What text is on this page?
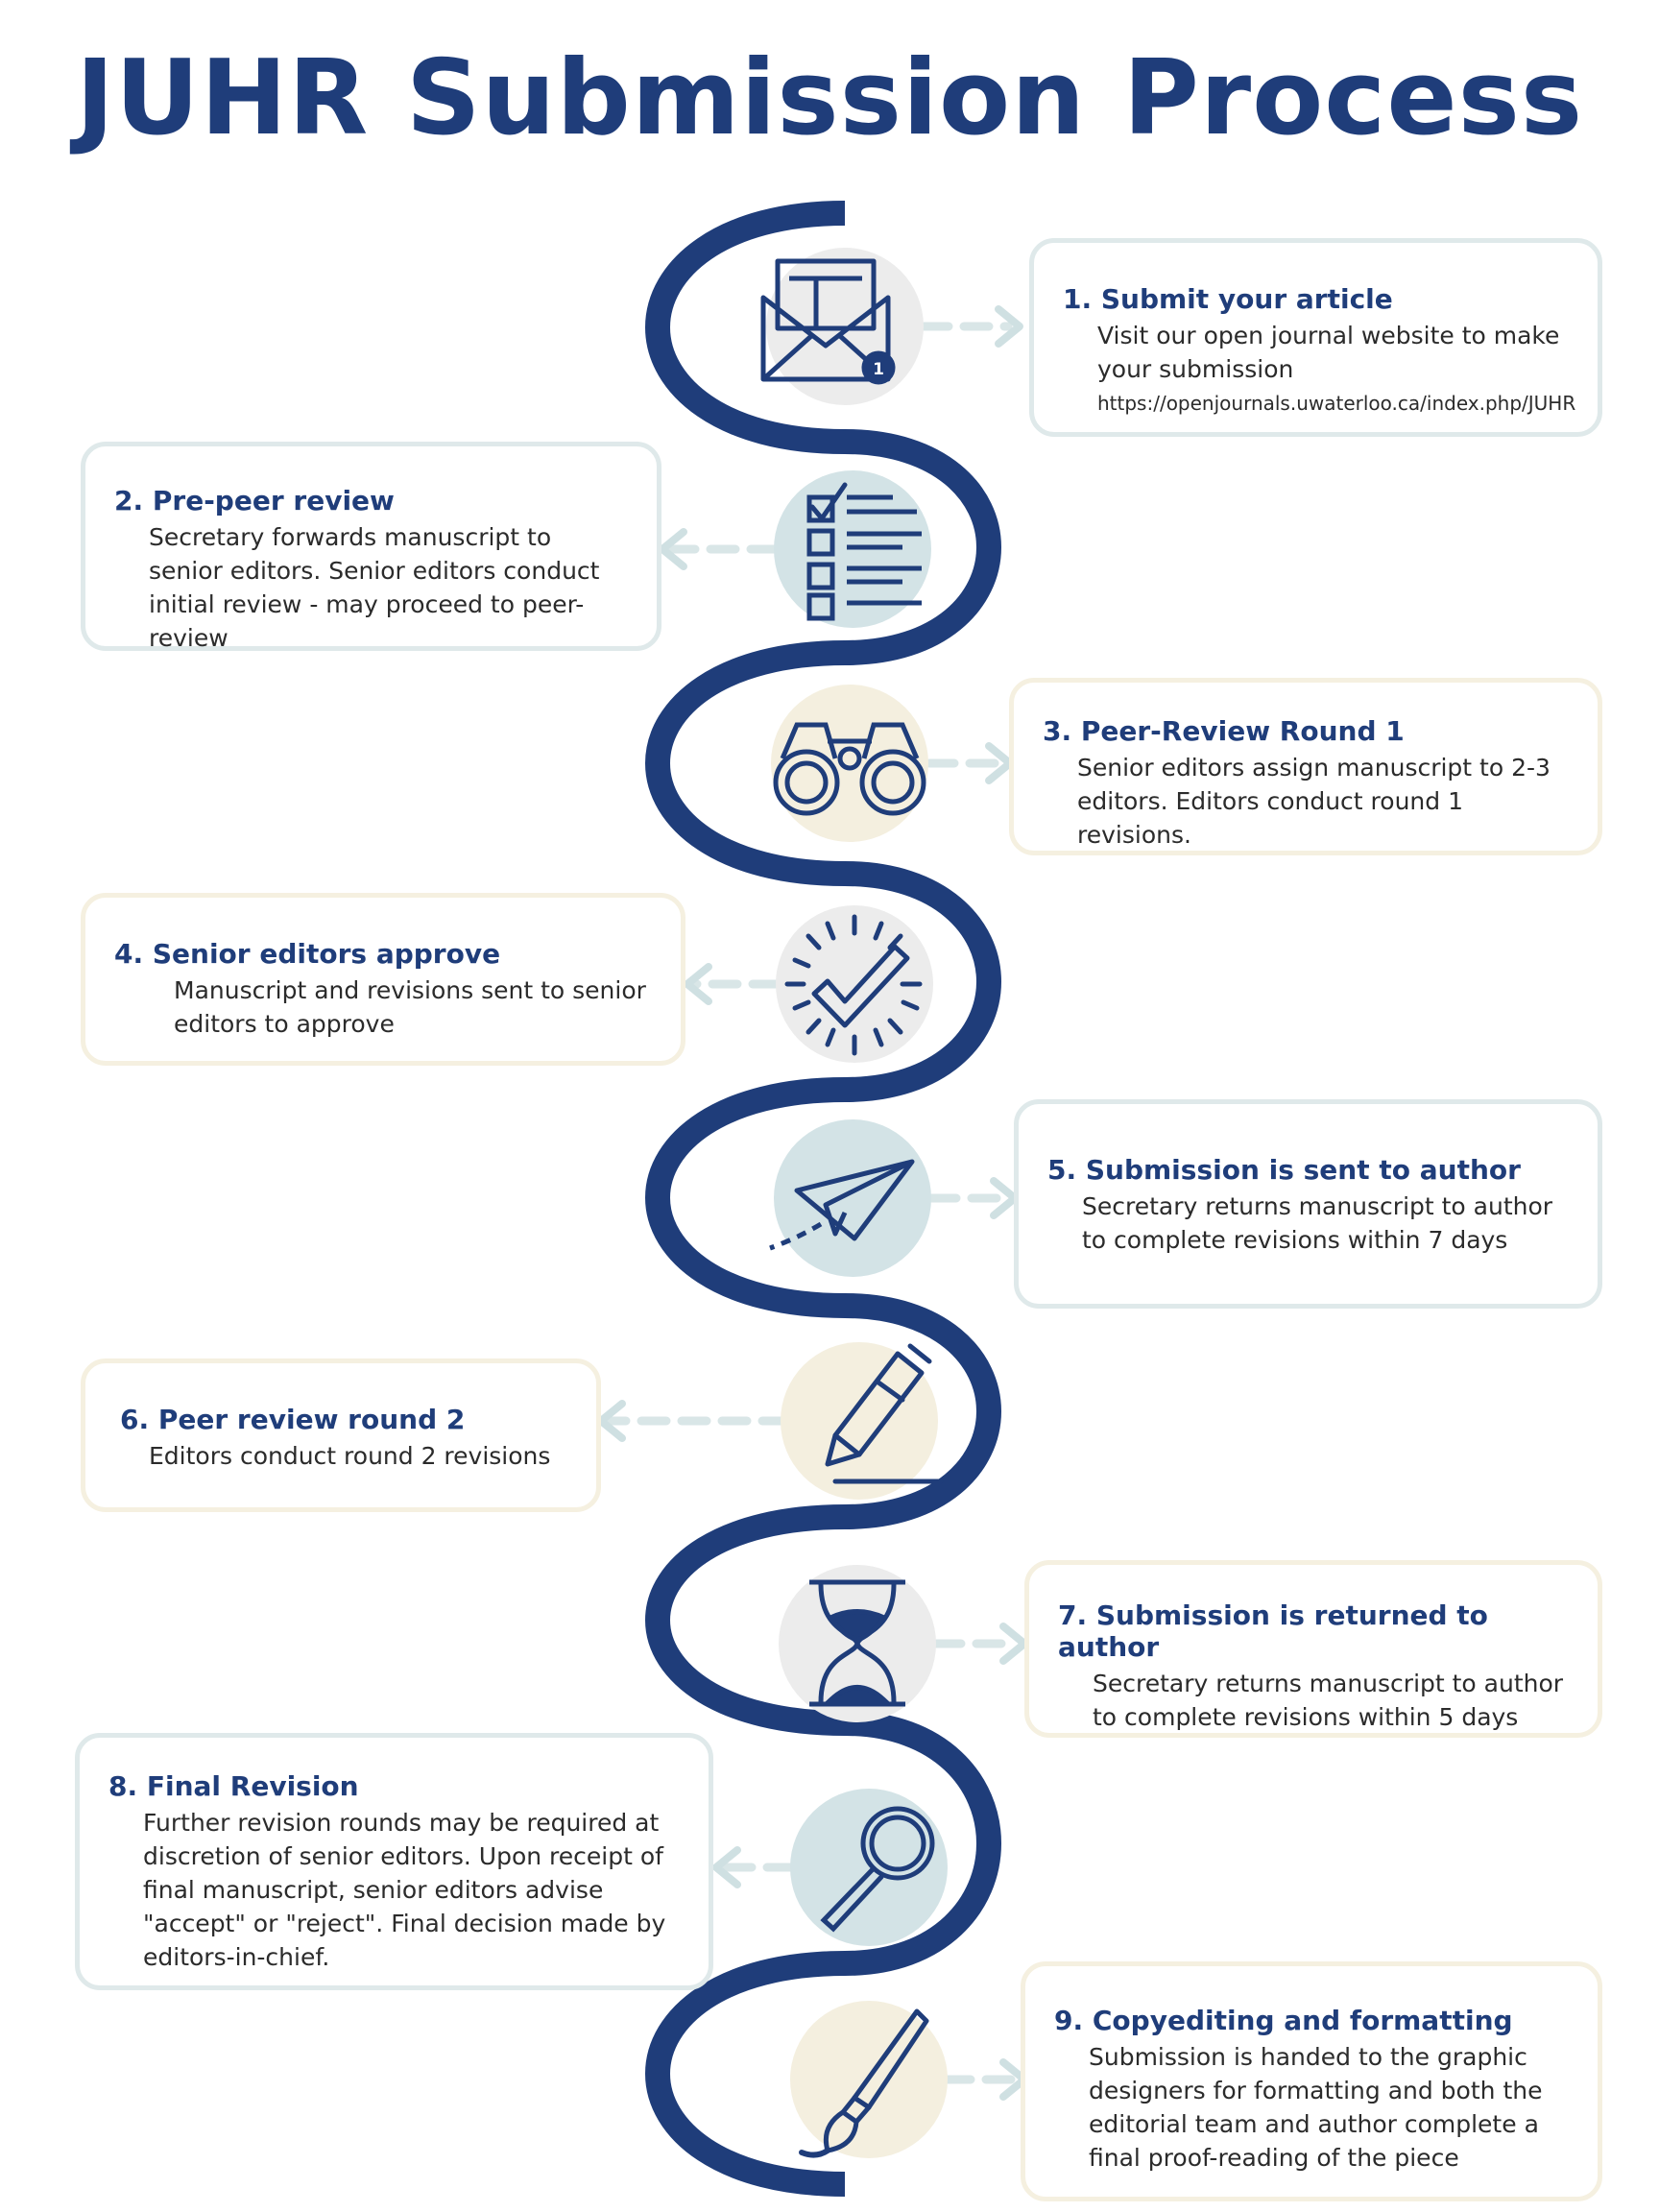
JUHR Submission Process
1
1. Submit your article

Visit our open journal website to make your submission

https://openjournals.uwaterloo.ca/index.php/JUHR
2. Pre-peer review

Secretary forwards manuscript to senior editors. Senior editors conduct initial review - may proceed to peer-review

3. Peer-Review Round 1

Senior editors assign manuscript to 2-3 editors. Editors conduct round 1 revisions.

4. Senior editors approve

Manuscript and revisions sent to senior editors to approve

5. Submission is sent to author

Secretary returns manuscript to author to complete revisions within 7 days

6. Peer review round 2

Editors conduct round 2 revisions

7. Submission is returned to author

Secretary returns manuscript to author to complete revisions within 5 days

8. Final Revision

Further revision rounds may be required at discretion of senior editors. Upon receipt of final manuscript, senior editors advise "accept" or "reject". Final decision made by editors-in-chief.

9. Copyediting and formatting

Submission is handed to the graphic designers for formatting and both the editorial team and author complete a final proof-reading of the piece
